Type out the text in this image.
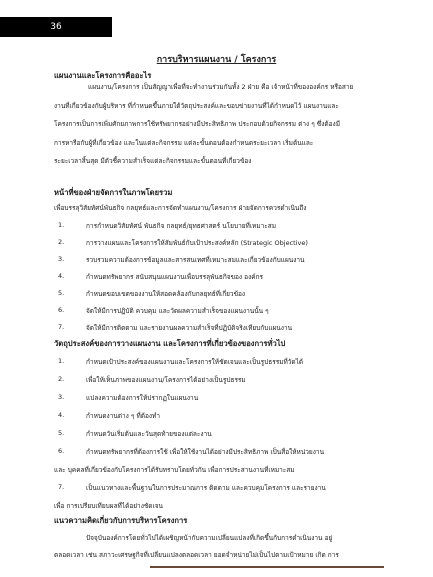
36
การบริหารแผนงาน / โครงการ
แผนงานและโครงการคืออะไร
แผนงาน/โครงการ เป็นสัญญาเพื่อที่จะทำงานร่วมกันทั้ง 2 ฝ่าย คือ เจ้าหน้าที่ขององค์กร หรือสาย
งานที่เกี่ยวข้องกับผู้บริหาร ที่กำหนดขึ้นภายใต้วัตถุประสงค์และขอบข่ายงานที่ได้กำหนดไว้ แผนงานและ
โครงการเป็นการเพิ่มศักยภาพการใช้ทรัพยากรอย่างมีประสิทธิภาพ ประกอบด้วยกิจกรรม ต่าง ๆ ซึ่งต้องมี
การหารือกับผู้ที่เกี่ยวข้อง และในแต่ละกิจกรรม แต่ละขั้นตอนต้องกำหนดระยะเวลา เริ่มต้นและ
ระยะเวลาสิ้นสุด มีตัวชี้ความสำเร็จแต่ละกิจกรรมและขั้นตอนที่เกี่ยวข้อง
หน้าที่ของฝ่ายจัดการในภาพโดยรวม
เพื่อบรรลุวิสัยทัศน์พันธกิจ กลยุทธ์และการจัดทำแผนงาน/โครงการ ฝ่ายจัดการควรดำเนินถึง
1.	การกำหนดวิสัยทัศน์ พันธกิจ กลยุทธ์/ยุทธศาสตร์ นโยบายที่เหมาะสม
2.	การวางแผนและโครงการให้สัมพันธ์กับเป้าประสงค์หลัก (Strategic Objective)
3.	รวบรวมความต้องการข้อมูลและสารสนเทศที่เหมาะสมและเกี่ยวข้องกับแผนงาน
4.	กำหนดทรัพยากร สนับสนุนแผนงานเพื่อบรรลุพันธกิจของ องค์กร
5.	กำหนดขอบเขตของงานให้สอดคล้องกับกลยุทธ์ที่เกี่ยวข้อง
6.	จัดให้มีการปฏิบัติ ควบคุม และวัดผลความสำเร็จของแผนงานนั้น ๆ
7.	จัดให้มีการติดตาม และรายงานผลความสำเร็จที่ปฏิบัติจริงเทียบกับแผนงาน
วัตถุประสงค์ของการวางแผนงาน และโครงการที่เกี่ยวข้องของการทั่วไป
1.	กำหนดเป้าประสงค์ของแผนงานและโครงการให้ชัดเจนและเป็นรูปธรรมที่วัดได้
2.	เพื่อให้เห็นภาพของแผนงาน/โครงการได้อย่างเป็นรูปธรรม
3.	แปลงความต้องการให้ปรากฏในแผนงาน
4.	กำหนดงานต่าง ๆ ที่ต้องทำ
5.	กำหนดวันเริ่มต้นและวันสุดท้ายของแต่ละงาน
6.	กำหนดทรัพยากรที่ต้องการใช้ เพื่อให้ใช้งานได้อย่างมีประสิทธิภาพ เป็นสื่อให้หน่วยงาน
และ บุคคลที่เกี่ยวข้องกับโครงการได้รับทราบโดยทั่วกัน เพื่อการประสานงานที่เหมาะสม
7.	เป็นแนวทางและพื้นฐานในการประมาณการ ติดตาม และควบคุมโครงการ และรายงาน
เพื่อ การเปรียบเทียบผลที่ได้อย่างชัดเจน
แนวความคิดเกี่ยวกับการบริหารโครงการ
ปัจจุบันองค์การโดยทั่วไปได้เผชิญหน้ากับความเปลี่ยนแปลงที่เกิดขึ้นกับการดำเนินงาน อยู่
ตลอดเวลา เช่น สภาวะเศรษฐกิจที่เปลี่ยนแปลงตลอดเวลา ยอดจำหน่ายไม่เป็นไปตามเป้าหมาย เกิด การ
